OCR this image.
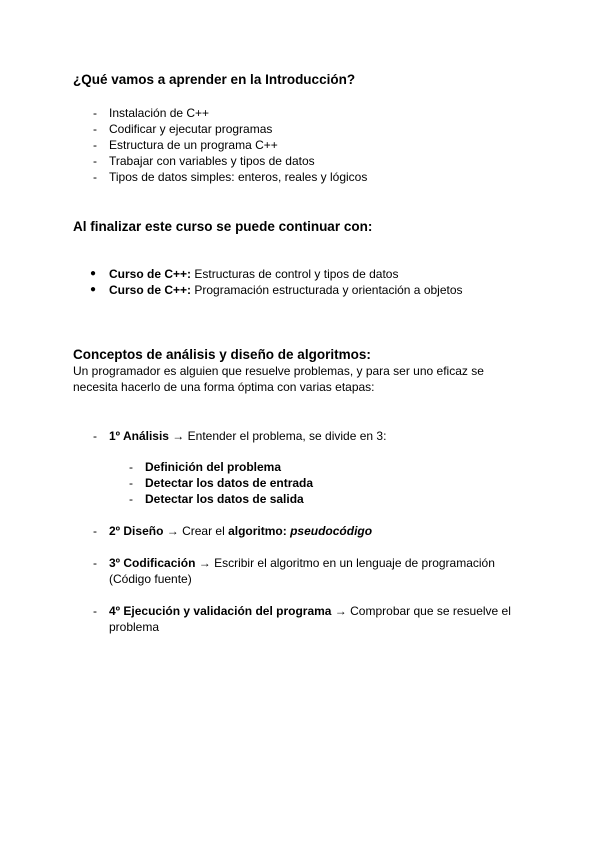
¿Qué vamos a aprender en la Introducción?
- Instalación de C++
- Codificar y ejecutar programas
- Estructura de un programa C++
- Trabajar con variables y tipos de datos
- Tipos de datos simples: enteros, reales y lógicos
Al finalizar este curso se puede continuar con:
● Curso de C++: Estructuras de control y tipos de datos
● Curso de C++: Programación estructurada y orientación a objetos
Conceptos de análisis y diseño de algoritmos:
Un programador es alguien que resuelve problemas, y para ser uno eficaz se
necesita hacerlo de una forma óptima con varias etapas:
- 1º Análisis → Entender el problema, se divide en 3:
- Definición del problema
- Detectar los datos de entrada
- Detectar los datos de salida
- 2º Diseño → Crear el algoritmo: pseudocódigo
- 3º Codificación → Escribir el algoritmo en un lenguaje de programación
(Código fuente)
- 4º Ejecución y validación del programa → Comprobar que se resuelve el
problema
